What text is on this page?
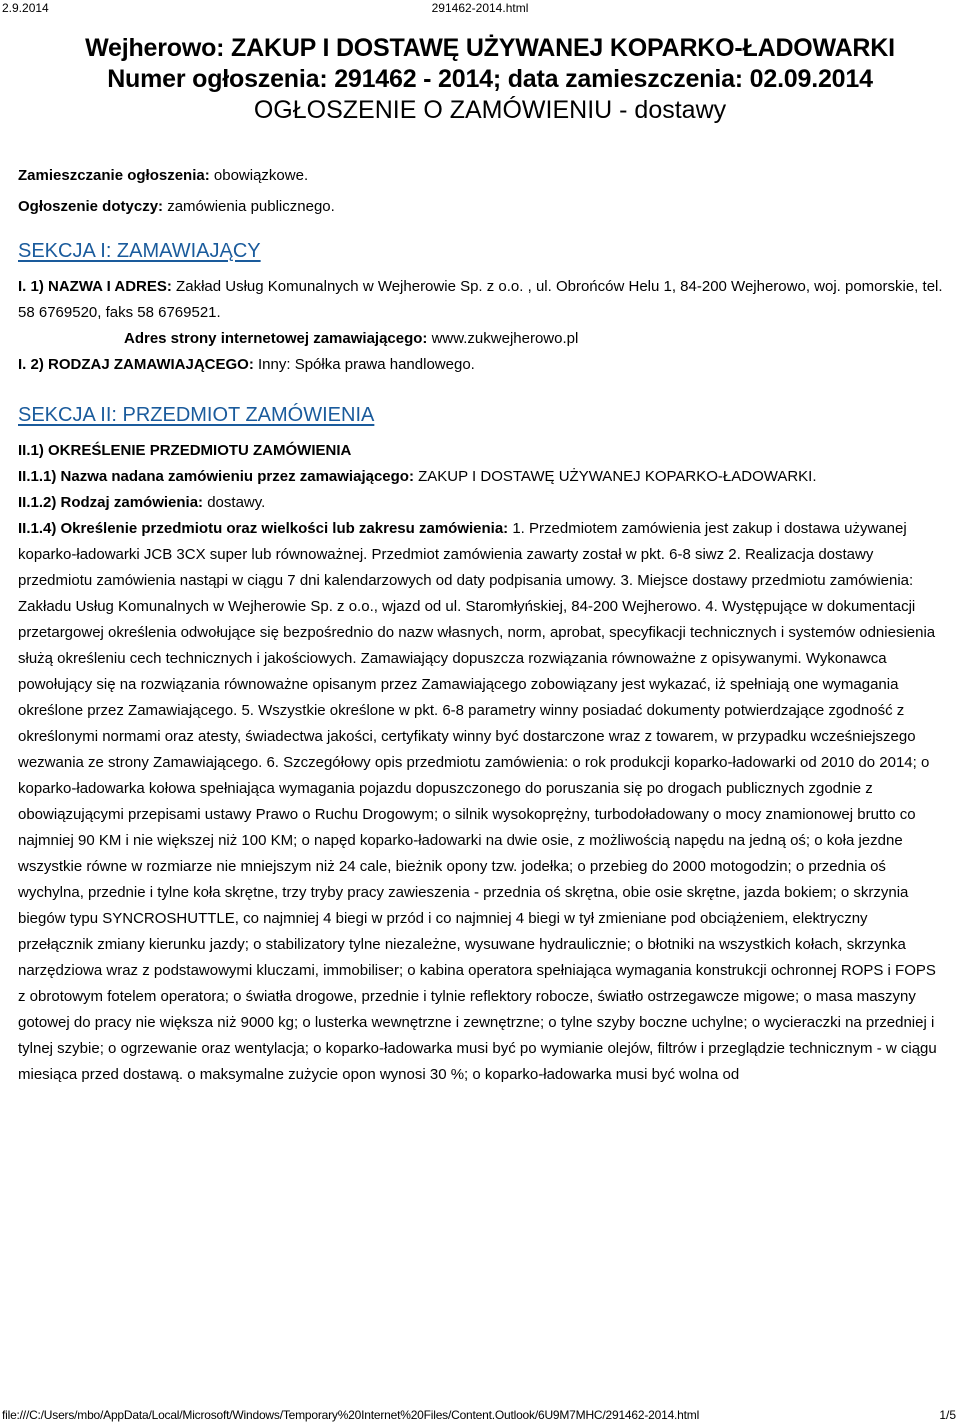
2.9.2014	291462-2014.html
Wejherowo: ZAKUP I DOSTAWĘ UŻYWANEJ KOPARKO-ŁADOWARKI
Numer ogłoszenia: 291462 - 2014; data zamieszczenia: 02.09.2014
OGŁOSZENIE O ZAMÓWIENIU - dostawy
Zamieszczanie ogłoszenia: obowiązkowe.
Ogłoszenie dotyczy: zamówienia publicznego.
SEKCJA I: ZAMAWIAJĄCY
I. 1) NAZWA I ADRES: Zakład Usług Komunalnych w Wejherowie Sp. z o.o. , ul. Obrońców Helu 1, 84-200 Wejherowo, woj. pomorskie, tel. 58 6769520, faks 58 6769521.
Adres strony internetowej zamawiającego: www.zukwejherowo.pl
I. 2) RODZAJ ZAMAWIAJĄCEGO: Inny: Spółka prawa handlowego.
SEKCJA II: PRZEDMIOT ZAMÓWIENIA
II.1) OKREŚLENIE PRZEDMIOTU ZAMÓWIENIA
II.1.1) Nazwa nadana zamówieniu przez zamawiającego: ZAKUP I DOSTAWĘ UŻYWANEJ KOPARKO-ŁADOWARKI.
II.1.2) Rodzaj zamówienia: dostawy.
II.1.4) Określenie przedmiotu oraz wielkości lub zakresu zamówienia: 1. Przedmiotem zamówienia jest zakup i dostawa używanej koparko-ładowarki JCB 3CX super lub równoważnej. Przedmiot zamówienia zawarty został w pkt. 6-8 siwz 2. Realizacja dostawy przedmiotu zamówienia nastąpi w ciągu 7 dni kalendarzowych od daty podpisania umowy. 3. Miejsce dostawy przedmiotu zamówienia: Zakładu Usług Komunalnych w Wejherowie Sp. z o.o., wjazd od ul. Staromłyńskiej, 84-200 Wejherowo. 4. Występujące w dokumentacji przetargowej określenia odwołujące się bezpośrednio do nazw własnych, norm, aprobat, specyfikacji technicznych i systemów odniesienia służą określeniu cech technicznych i jakościowych. Zamawiający dopuszcza rozwiązania równoważne z opisywanymi. Wykonawca powołujący się na rozwiązania równoważne opisanym przez Zamawiającego zobowiązany jest wykazać, iż spełniają one wymagania określone przez Zamawiającego. 5. Wszystkie określone w pkt. 6-8 parametry winny posiadać dokumenty potwierdzające zgodność z określonymi normami oraz atesty, świadectwa jakości, certyfikaty winny być dostarczone wraz z towarem, w przypadku wcześniejszego wezwania ze strony Zamawiającego. 6. Szczegółowy opis przedmiotu zamówienia: o rok produkcji koparko-ładowarki od 2010 do 2014; o koparko-ładowarka kołowa spełniająca wymagania pojazdu dopuszczonego do poruszania się po drogach publicznych zgodnie z obowiązującymi przepisami ustawy Prawo o Ruchu Drogowym; o silnik wysokoprężny, turbodoładowany o mocy znamionowej brutto co najmniej 90 KM i nie większej niż 100 KM; o napęd koparko-ładowarki na dwie osie, z możliwością napędu na jedną oś; o koła jezdne wszystkie równe w rozmiarze nie mniejszym niż 24 cale, bieżnik opony tzw. jodełka; o przebieg do 2000 motogodzin; o przednia oś wychylna, przednie i tylne koła skrętne, trzy tryby pracy zawieszenia - przednia oś skrętna, obie osie skrętne, jazda bokiem; o skrzynia biegów typu SYNCROSHUTTLE, co najmniej 4 biegi w przód i co najmniej 4 biegi w tył zmieniane pod obciążeniem, elektryczny przełącznik zmiany kierunku jazdy; o stabilizatory tylne niezależne, wysuwane hydraulicznie; o błotniki na wszystkich kołach, skrzynka narzędziowa wraz z podstawowymi kluczami, immobiliser; o kabina operatora spełniająca wymagania konstrukcji ochronnej ROPS i FOPS z obrotowym fotelem operatora; o światła drogowe, przednie i tylnie reflektory robocze, światło ostrzegawcze migowe; o masa maszyny gotowej do pracy nie większa niż 9000 kg; o lusterka wewnętrzne i zewnętrzne; o tylne szyby boczne uchylne; o wycieraczki na przedniej i tylnej szybie; o ogrzewanie oraz wentylacja; o koparko-ładowarka musi być po wymianie olejów, filtrów i przeglądzie technicznym - w ciągu miesiąca przed dostawą. o maksymalne zużycie opon wynosi 30 %; o koparko-ładowarka musi być wolna od
file:///C:/Users/mbo/AppData/Local/Microsoft/Windows/Temporary%20Internet%20Files/Content.Outlook/6U9M7MHC/291462-2014.html	1/5
